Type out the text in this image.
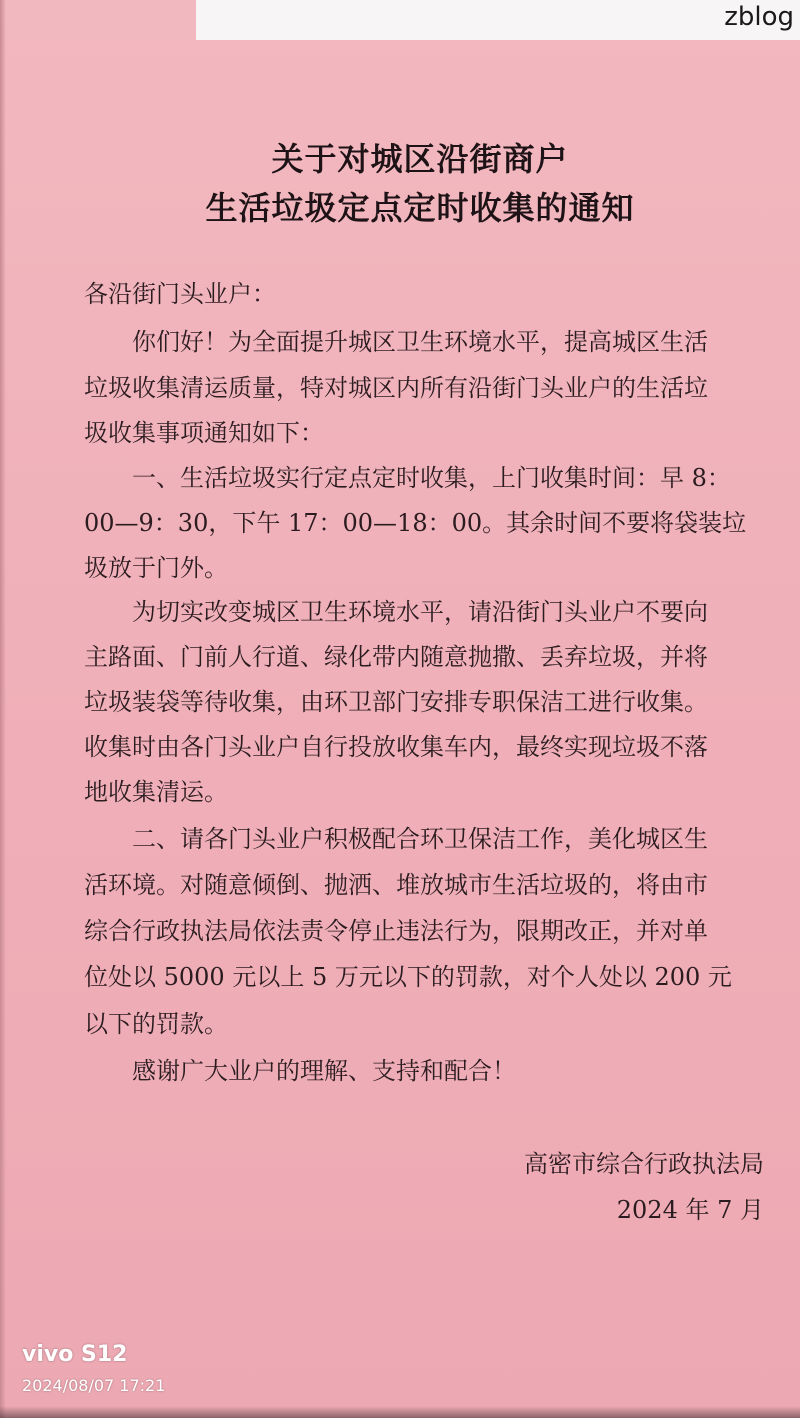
zblog
关于对城区沿街商户
生活垃圾定点定时收集的通知
各沿街门头业户：
　　你们好！为全面提升城区卫生环境水平，提高城区生活
垃圾收集清运质量，特对城区内所有沿街门头业户的生活垃
圾收集事项通知如下：
　　一、生活垃圾实行定点定时收集，上门收集时间：早 8：
00—9：30，下午 17：00—18：00。其余时间不要将袋装垃
圾放于门外。
　　为切实改变城区卫生环境水平，请沿街门头业户不要向
主路面、门前人行道、绿化带内随意抛撒、丢弃垃圾，并将
垃圾装袋等待收集，由环卫部门安排专职保洁工进行收集。
收集时由各门头业户自行投放收集车内，最终实现垃圾不落
地收集清运。
　　二、请各门头业户积极配合环卫保洁工作，美化城区生
活环境。对随意倾倒、抛洒、堆放城市生活垃圾的，将由市
综合行政执法局依法责令停止违法行为，限期改正，并对单
位处以 5000 元以上 5 万元以下的罚款，对个人处以 200 元
以下的罚款。
　　感谢广大业户的理解、支持和配合！
高密市综合行政执法局
2024 年 7 月
vivo S12
2024/08/07 17:21
